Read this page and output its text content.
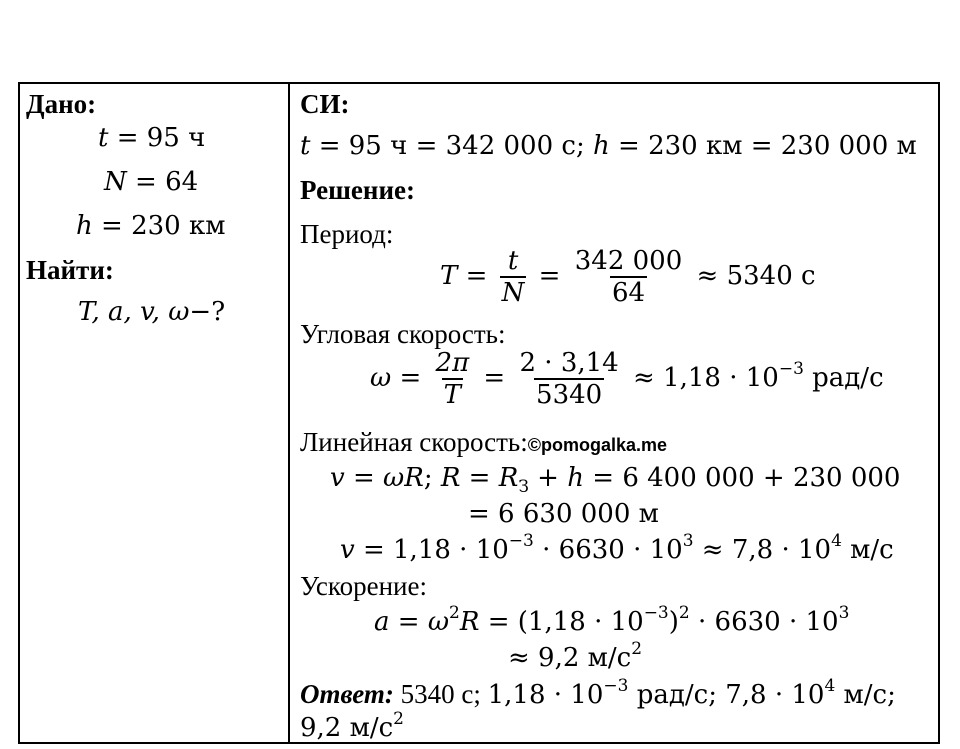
Дано:
t = 95 ч
N = 64
h = 230 км
Найти:
T, a, v, ω−?
СИ:
t = 95 ч = 342 000 с; h = 230 км = 230 000 м
Решение:
Период:
$T = \frac{t}{N} = \frac{342 000}{64} \approx 5340$ с
Угловая скорость:
$\omega = \frac{2\pi}{T} = \frac{2 \cdot 3,14}{5340} \approx 1,18 \cdot 10^{-3}$ рад/с
Линейная скорость:©pomogalka.me
v = ωR; $R = R_З + h = 6$ 400 000 + 230 000
= 6 630 000 м
$v = 1,18 \cdot 10^{-3} \cdot 6630 \cdot 10^3 \approx 7,8 \cdot 10^4$ м/с
Ускорение:
$a = \omega^2R = (1,18 \cdot 10^{-3})^2 \cdot 6630 \cdot 10^3$
≈ 9,2 $м/с^2$
Ответ: 5340 с; $1,18 \cdot 10^{-3}$ рад/с; $7,8 \cdot 10^4$ м/с;
9,2 $м/с^2$
